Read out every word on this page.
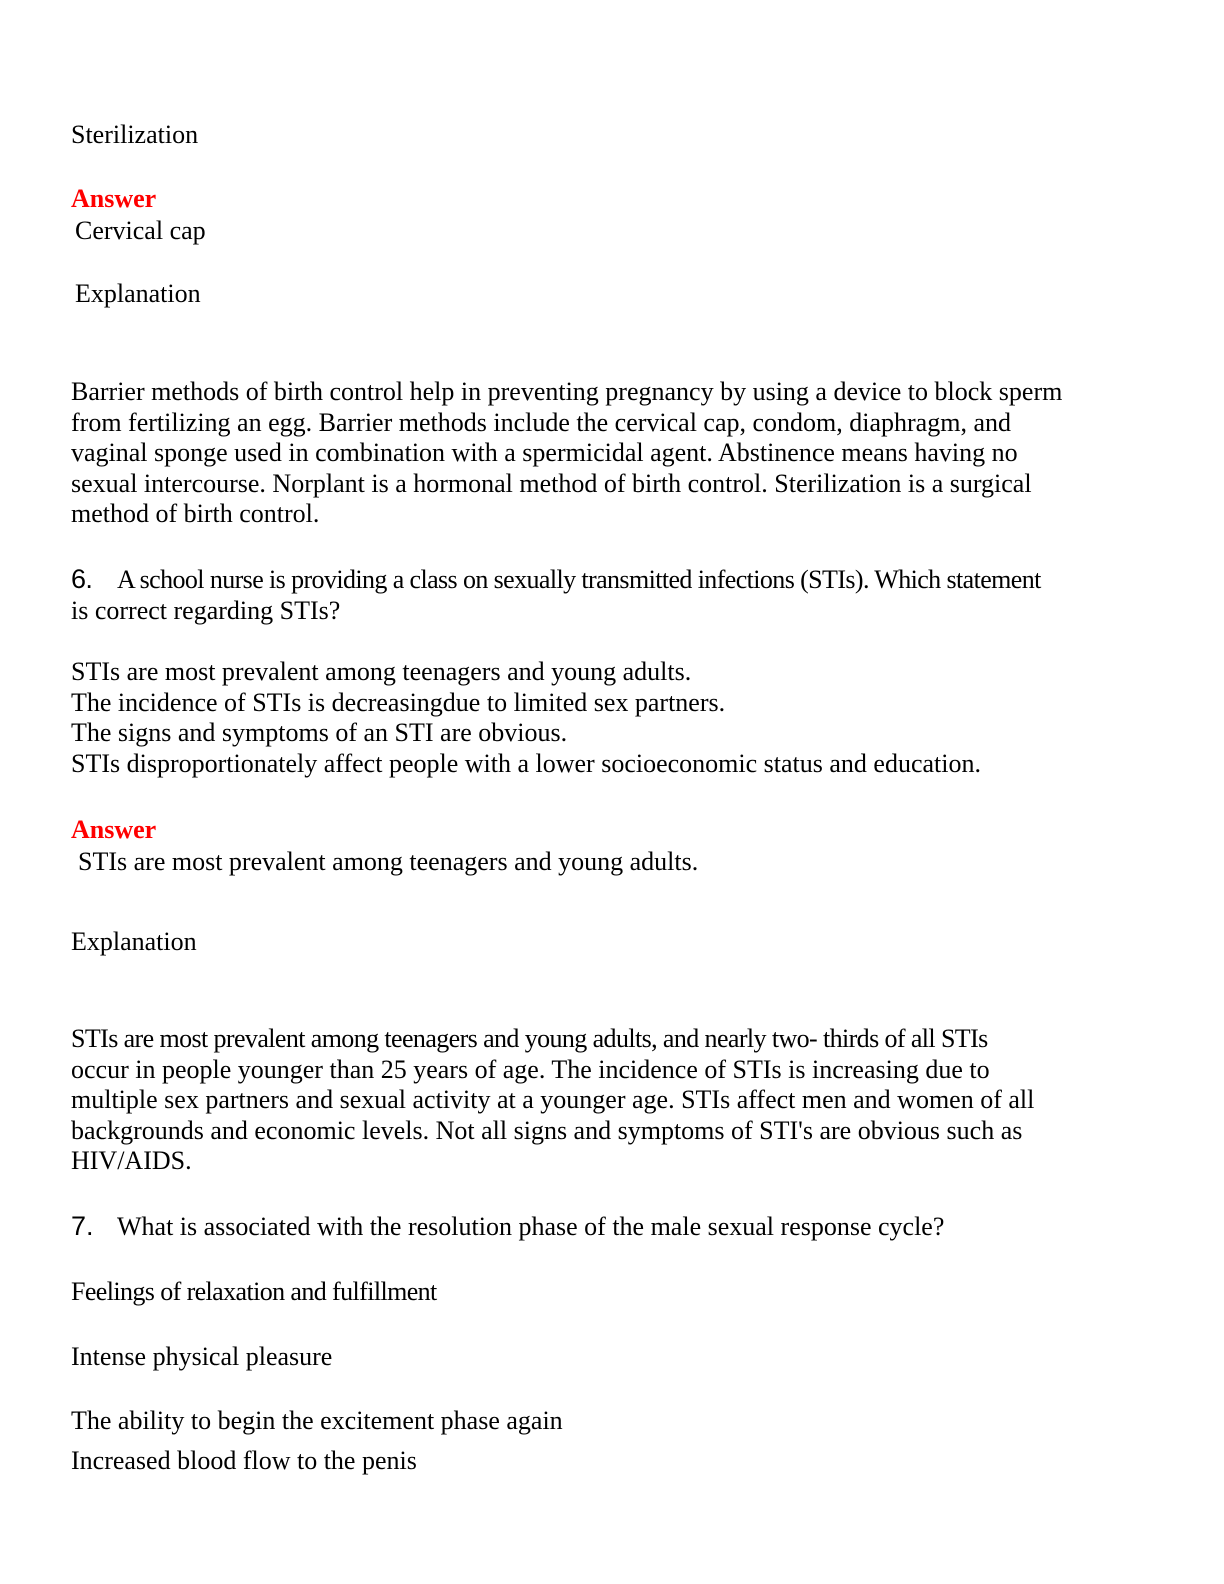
Sterilization

Answer

Cervical cap

Explanation

Barrier methods of birth control help in preventing pregnancy by using a device to block sperm
from fertilizing an egg. Barrier methods include the cervical cap, condom, diaphragm, and
vaginal sponge used in combination with a spermicidal agent. Abstinence means having no
sexual intercourse. Norplant is a hormonal method of birth control. Sterilization is a surgical
method of birth control.
6. A school nurse is providing a class on sexually transmitted infections (STIs). Which statement
is correct regarding STIs?
STIs are most prevalent among teenagers and young adults.
The incidence of STIs is decreasingdue to limited sex partners.
The signs and symptoms of an STI are obvious.
STIs disproportionately affect people with a lower socioeconomic status and education.

Answer

STIs are most prevalent among teenagers and young adults.

Explanation

STIs are most prevalent among teenagers and young adults, and nearly two- thirds of all STIs
occur in people younger than 25 years of age. The incidence of STIs is increasing due to
multiple sex partners and sexual activity at a younger age. STIs affect men and women of all
backgrounds and economic levels. Not all signs and symptoms of STI's are obvious such as
HIV/AIDS.

7. What is associated with the resolution phase of the male sexual response cycle?

Feelings of relaxation and fulfillment

Intense physical pleasure

The ability to begin the excitement phase again

Increased blood flow to the penis
